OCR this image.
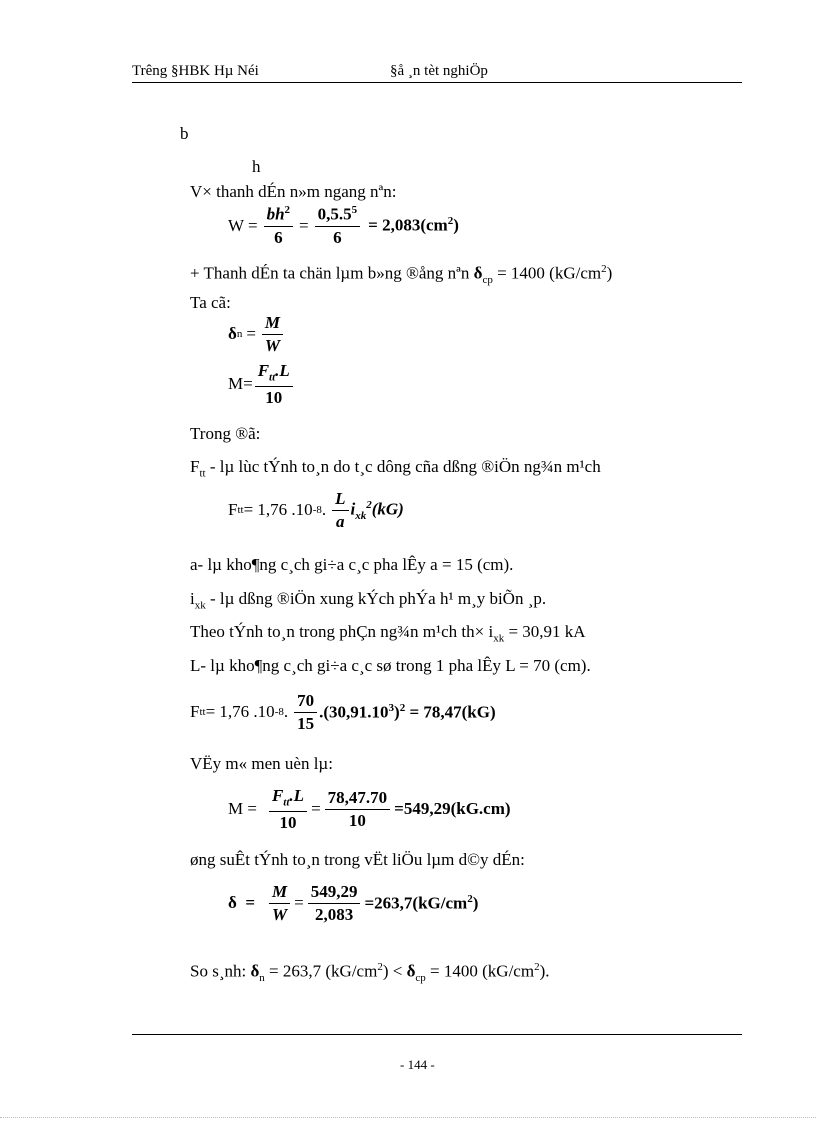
Trêng §HBK Hµ Néi	§å ¸n tèt nghiÖp
b
h
V× thanh dÉn n»m ngang nªn:
$W = \frac{bh^2}{6} = \frac{0,5.5^5}{6} = 2,083(cm^2)$
+ Thanh dÉn ta chän lµm b»ng ®ång nªn $\delta_{cp} = 1400$ $(kG/cm^2)$
Ta cã:
δ $n = \frac{M}{W}$
$M= \frac{F_{tt}.L}{10}$
Trong ®ã:
$F_{tt}$ - lµ lùc tÝnh to¸n do t¸c dông cña dßng ®iÖn ng¾n m¹ch
F tt = 1,76 .10 -8 . $\frac{L}{a} i_{xk}^2(kG)$
a- lµ kho¶ng c¸ch gi÷a c¸c pha lÊy a = 15 (cm).
$i_{xk}$ - lµ dßng ®iÖn xung kÝch phÝa h¹ m¸y biÕn ¸p.
Theo tÝnh to¸n trong phÇn ng¾n m¹ch $th\times i_{xk} = 30,91$ kA
L- lµ kho¶ng c¸ch gi÷a c¸c sø trong 1 pha lÊy L = 70 (cm).
F tt = 1,76 .10 -8 . $\frac{70}{15} .(30,91.10^3)^2 = 78,47(kG)$
VËy m« men uèn lµ:
$M = \frac{F_{tt}.L}{10} = \frac{78,47.70}{10} =549,29(kG.cm)$
øng suÊt tÝnh to¸n trong vËt liÖu lµm d©y dÉn:
$\delta = \frac{M}{W} = \frac{549,29}{2,083} =263,7(kG/cm^2)$
So s¸nh: $\delta_n = 263,7$ $(kG/cm^2) < \delta_{cp} = 1400$ $(kG/cm^2)$.
- 144 -
